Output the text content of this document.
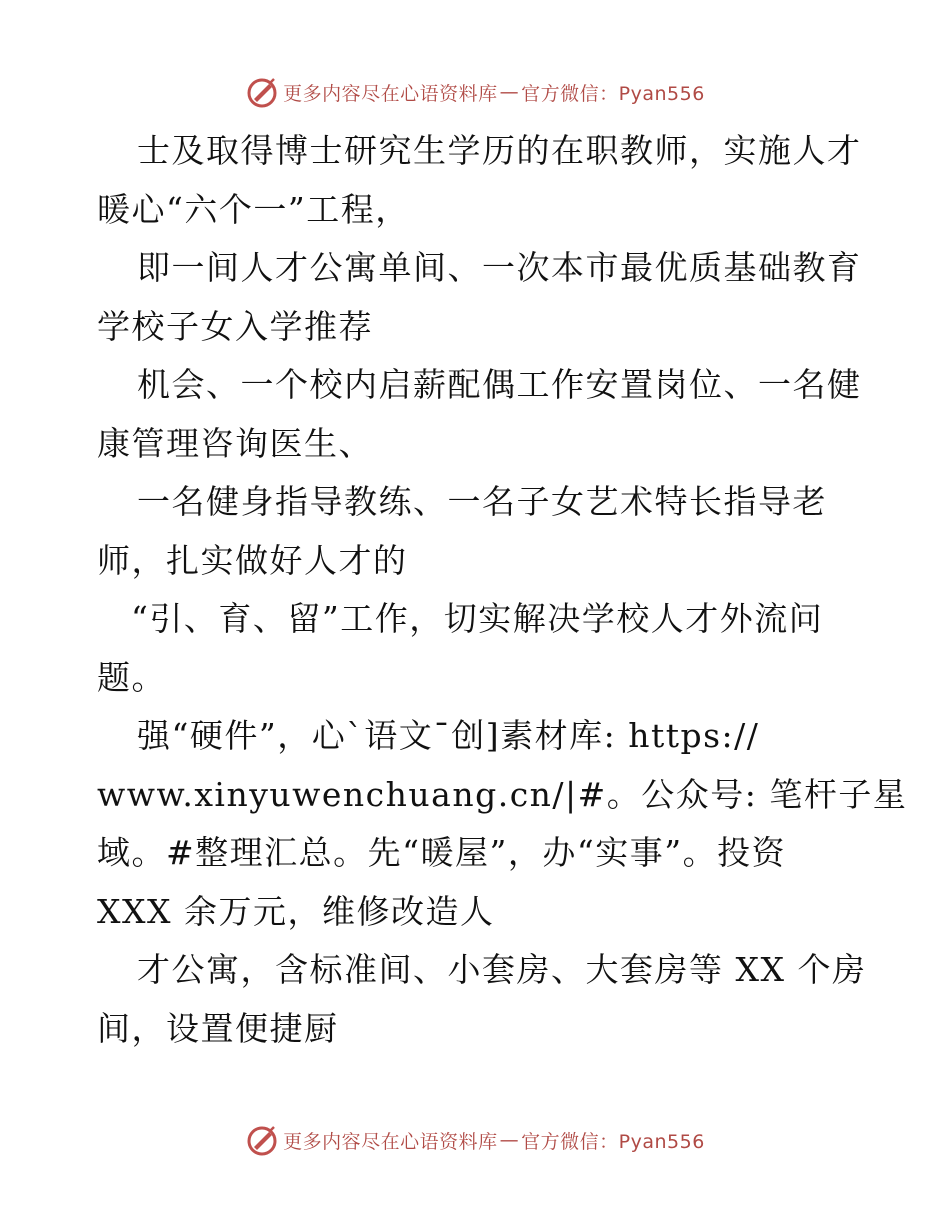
更多内容尽在心语资料库 — 官方微信：Pyan556
士及取得博士研究生学历的在职教师，实施人才
暖心“六个一”工程，
即一间人才公寓单间、一次本市最优质基础教育
学校子女入学推荐
机会、一个校内启薪配偶工作安置岗位、一名健
康管理咨询医生、
一名健身指导教练、一名子女艺术特长指导老
师，扎实做好人才的
“引、育、留”工作，切实解决学校人才外流问
题。
强“硬件”，心`语文¯创]素材库: https://
www.xinyuwenchuang.cn/|#。公众号: 笔杆子星
域。#整理汇总。先“暖屋”，办“实事”。投资
XXX 余万元，维修改造人
才公寓，含标准间、小套房、大套房等 XX 个房
间，设置便捷厨
更多内容尽在心语资料库 — 官方微信：Pyan556
